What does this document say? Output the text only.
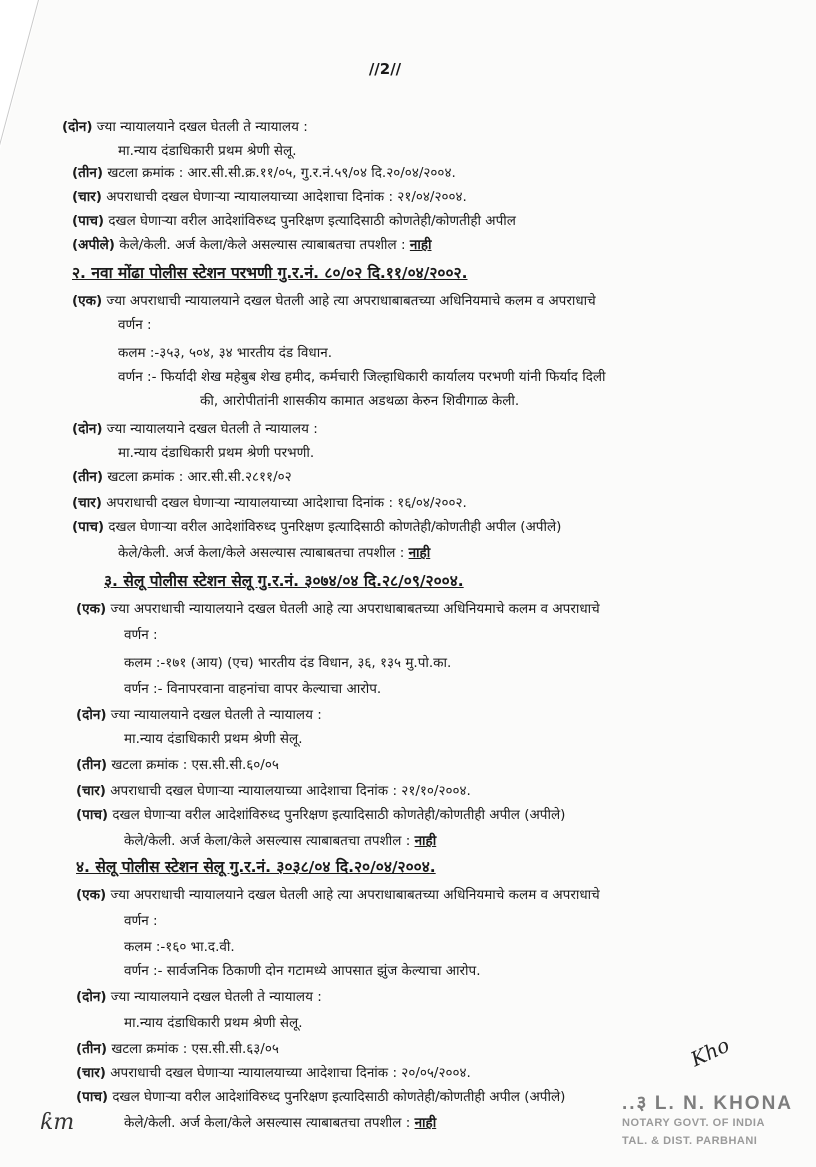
//2//
(दोन) ज्या न्यायालयाने दखल घेतली ते न्यायालय :
मा.न्याय दंडाधिकारी प्रथम श्रेणी सेलू.
(तीन) खटला क्रमांक : आर.सी.सी.क्र.११/०५, गु.र.नं.५९/०४ दि.२०/०४/२००४.
(चार) अपराधाची दखल घेणाऱ्या न्यायालयाच्या आदेशाचा दिनांक : २१/०४/२००४.
(पाच) दखल घेणाऱ्या वरील आदेशांविरुध्द पुनरिक्षण इत्यादिसाठी कोणतेही/कोणतीही अपील
(अपीले) केले/केली. अर्ज केला/केले असल्यास त्याबाबतचा तपशील : नाही
२. नवा मोंढा पोलीस स्टेशन परभणी गु.र.नं. ८०/०२ दि.११/०४/२००२.
(एक) ज्या अपराधाची न्यायालयाने दखल घेतली आहे त्या अपराधाबाबतच्या अधिनियमाचे कलम व अपराधाचे
वर्णन :
कलम :-३५३, ५०४, ३४ भारतीय दंड विधान.
वर्णन :- फिर्यादी शेख महेबुब शेख हमीद, कर्मचारी जिल्हाधिकारी कार्यालय परभणी यांनी फिर्याद दिली
की, आरोपीतांनी शासकीय कामात अडथळा केरुन शिवीगाळ केली.
(दोन) ज्या न्यायालयाने दखल घेतली ते न्यायालय :
मा.न्याय दंडाधिकारी प्रथम श्रेणी परभणी.
(तीन) खटला क्रमांक : आर.सी.सी.२८११/०२
(चार) अपराधाची दखल घेणाऱ्या न्यायालयाच्या आदेशाचा दिनांक : १६/०४/२००२.
(पाच) दखल घेणाऱ्या वरील आदेशांविरुध्द पुनरिक्षण इत्यादिसाठी कोणतेही/कोणतीही अपील (अपीले)
केले/केली. अर्ज केला/केले असल्यास त्याबाबतचा तपशील : नाही
३. सेलू पोलीस स्टेशन सेलू गु.र.नं. ३०७४/०४ दि.२८/०९/२००४.
(एक) ज्या अपराधाची न्यायालयाने दखल घेतली आहे त्या अपराधाबाबतच्या अधिनियमाचे कलम व अपराधाचे
वर्णन :
कलम :-१७१ (आय) (एच) भारतीय दंड विधान, ३६, १३५ मु.पो.का.
वर्णन :- विनापरवाना वाहनांचा वापर केल्याचा आरोप.
(दोन) ज्या न्यायालयाने दखल घेतली ते न्यायालय :
मा.न्याय दंडाधिकारी प्रथम श्रेणी सेलू.
(तीन) खटला क्रमांक : एस.सी.सी.६०/०५
(चार) अपराधाची दखल घेणाऱ्या न्यायालयाच्या आदेशाचा दिनांक : २१/१०/२००४.
(पाच) दखल घेणाऱ्या वरील आदेशांविरुध्द पुनरिक्षण इत्यादिसाठी कोणतेही/कोणतीही अपील (अपीले)
केले/केली. अर्ज केला/केले असल्यास त्याबाबतचा तपशील : नाही
४. सेलू पोलीस स्टेशन सेलू गु.र.नं. ३०३८/०४ दि.२०/०४/२००४.
(एक) ज्या अपराधाची न्यायालयाने दखल घेतली आहे त्या अपराधाबाबतच्या अधिनियमाचे कलम व अपराधाचे
वर्णन :
कलम :-१६० भा.द.वी.
वर्णन :- सार्वजनिक ठिकाणी दोन गटामध्ये आपसात झुंज केल्याचा आरोप.
(दोन) ज्या न्यायालयाने दखल घेतली ते न्यायालय :
मा.न्याय दंडाधिकारी प्रथम श्रेणी सेलू.
(तीन) खटला क्रमांक : एस.सी.सी.६३/०५
(चार) अपराधाची दखल घेणाऱ्या न्यायालयाच्या आदेशाचा दिनांक : २०/०५/२००४.
(पाच) दखल घेणाऱ्या वरील आदेशांविरुध्द पुनरिक्षण इत्यादिसाठी कोणतेही/कोणतीही अपील (अपीले)
केले/केली. अर्ज केला/केले असल्यास त्याबाबतचा तपशील : नाही
Kho
ƙm
..३ L. N. KHONA
NOTARY GOVT. OF INDIA
TAL. & DIST. PARBHANI
